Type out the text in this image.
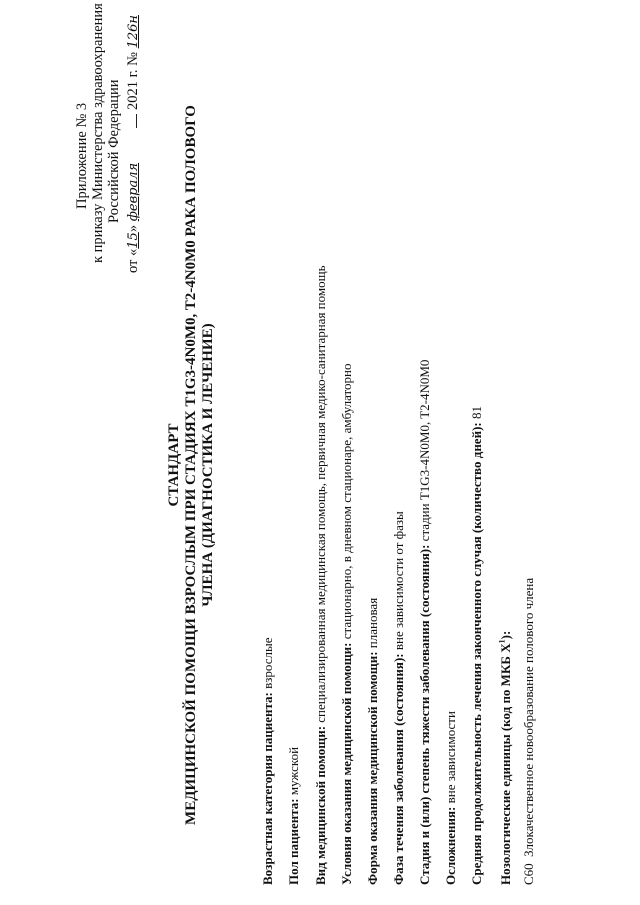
Приложение № 3 к приказу Министерства здравоохранения Российской Федерации
от «15» февраля  2021 г. № 126н
СТАНДАРТ МЕДИЦИНСКОЙ ПОМОЩИ ВЗРОСЛЫМ ПРИ СТАДИЯХ T1G3-4N0M0, T2-4N0M0 РАКА ПОЛОВОГО ЧЛЕНА (ДИАГНОСТИКА И ЛЕЧЕНИЕ)
Возрастная категория пациента: взрослые
Пол пациента: мужской Вид медицинской помощи: специализированная медицинская помощь, первичная медико-санитарная помощь
Условия оказания медицинской помощи: стационарно, в дневном стационаре, амбулаторно
Форма оказания медицинской помощи: плановая
Фаза течения заболевания (состояния): вне зависимости от фазы Стадия и (или) степень тяжести заболевания (состояния): стадии T1G3-4N0M0, T2-4N0M0
Осложнения: вне зависимости Средняя продолжительность лечения законченного случая (количество дней): 81
Нозологические единицы (код по МКБ $X^1$):
C60  Злокачественное новообразование полового члена
